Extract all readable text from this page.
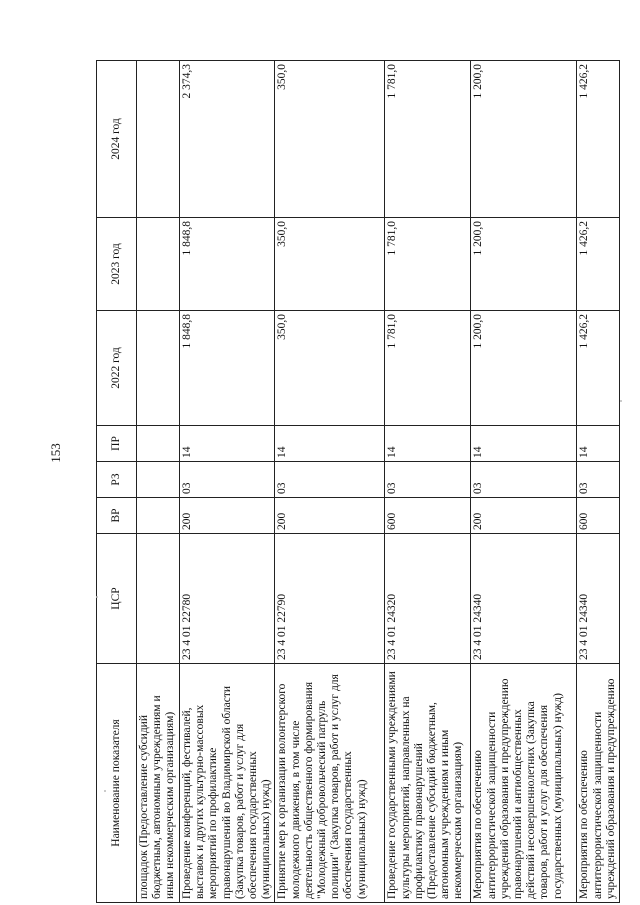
153
Наименование показателя	ЦСР	ВР	РЗ	ПР	2022 год	2023 год	2024 год
площадок (Предоставление субсидий бюджетным, автономным учреждениям и иным некоммерческим организациям)							
Проведение конференций, фестивалей, выставок и других культурно-массовых мероприятий по профилактике правонарушений во Владимирской области (Закупка товаров, работ и услуг для обеспечения государственных (муниципальных) нужд)	23 4 01 22780	200	03	14	1 848,8	1 848,8	2 374,3
Принятие мер к организации волонтерского молодежного движения, в том числе деятельность общественного формирования "Молодежный добровольческий патруль полиции" (Закупка товаров, работ и услуг для обеспечения государственных (муниципальных) нужд)	23 4 01 22790	200	03	14	350,0	350,0	350,0
Проведение государственными учреждениями культуры мероприятий, направленных на профилактику правонарушений (Предоставление субсидий бюджетным, автономным учреждениям и иным некоммерческим организациям)	23 4 01 24320	600	03	14	1 781,0	1 781,0	1 781,0
Мероприятия по обеспечению антитеррористической защищенности учреждений образования и предупреждению правонарушений и антиобщественных действий несовершеннолетних (Закупка товаров, работ и услуг для обеспечения государственных (муниципальных) нужд)	23 4 01 24340	200	03	14	1 200,0	1 200,0	1 200,0
Мероприятия по обеспечению антитеррористической защищенности учреждений образования и предупреждению	23 4 01 24340	600	03	14	1 426,2	1 426,2	1 426,2
